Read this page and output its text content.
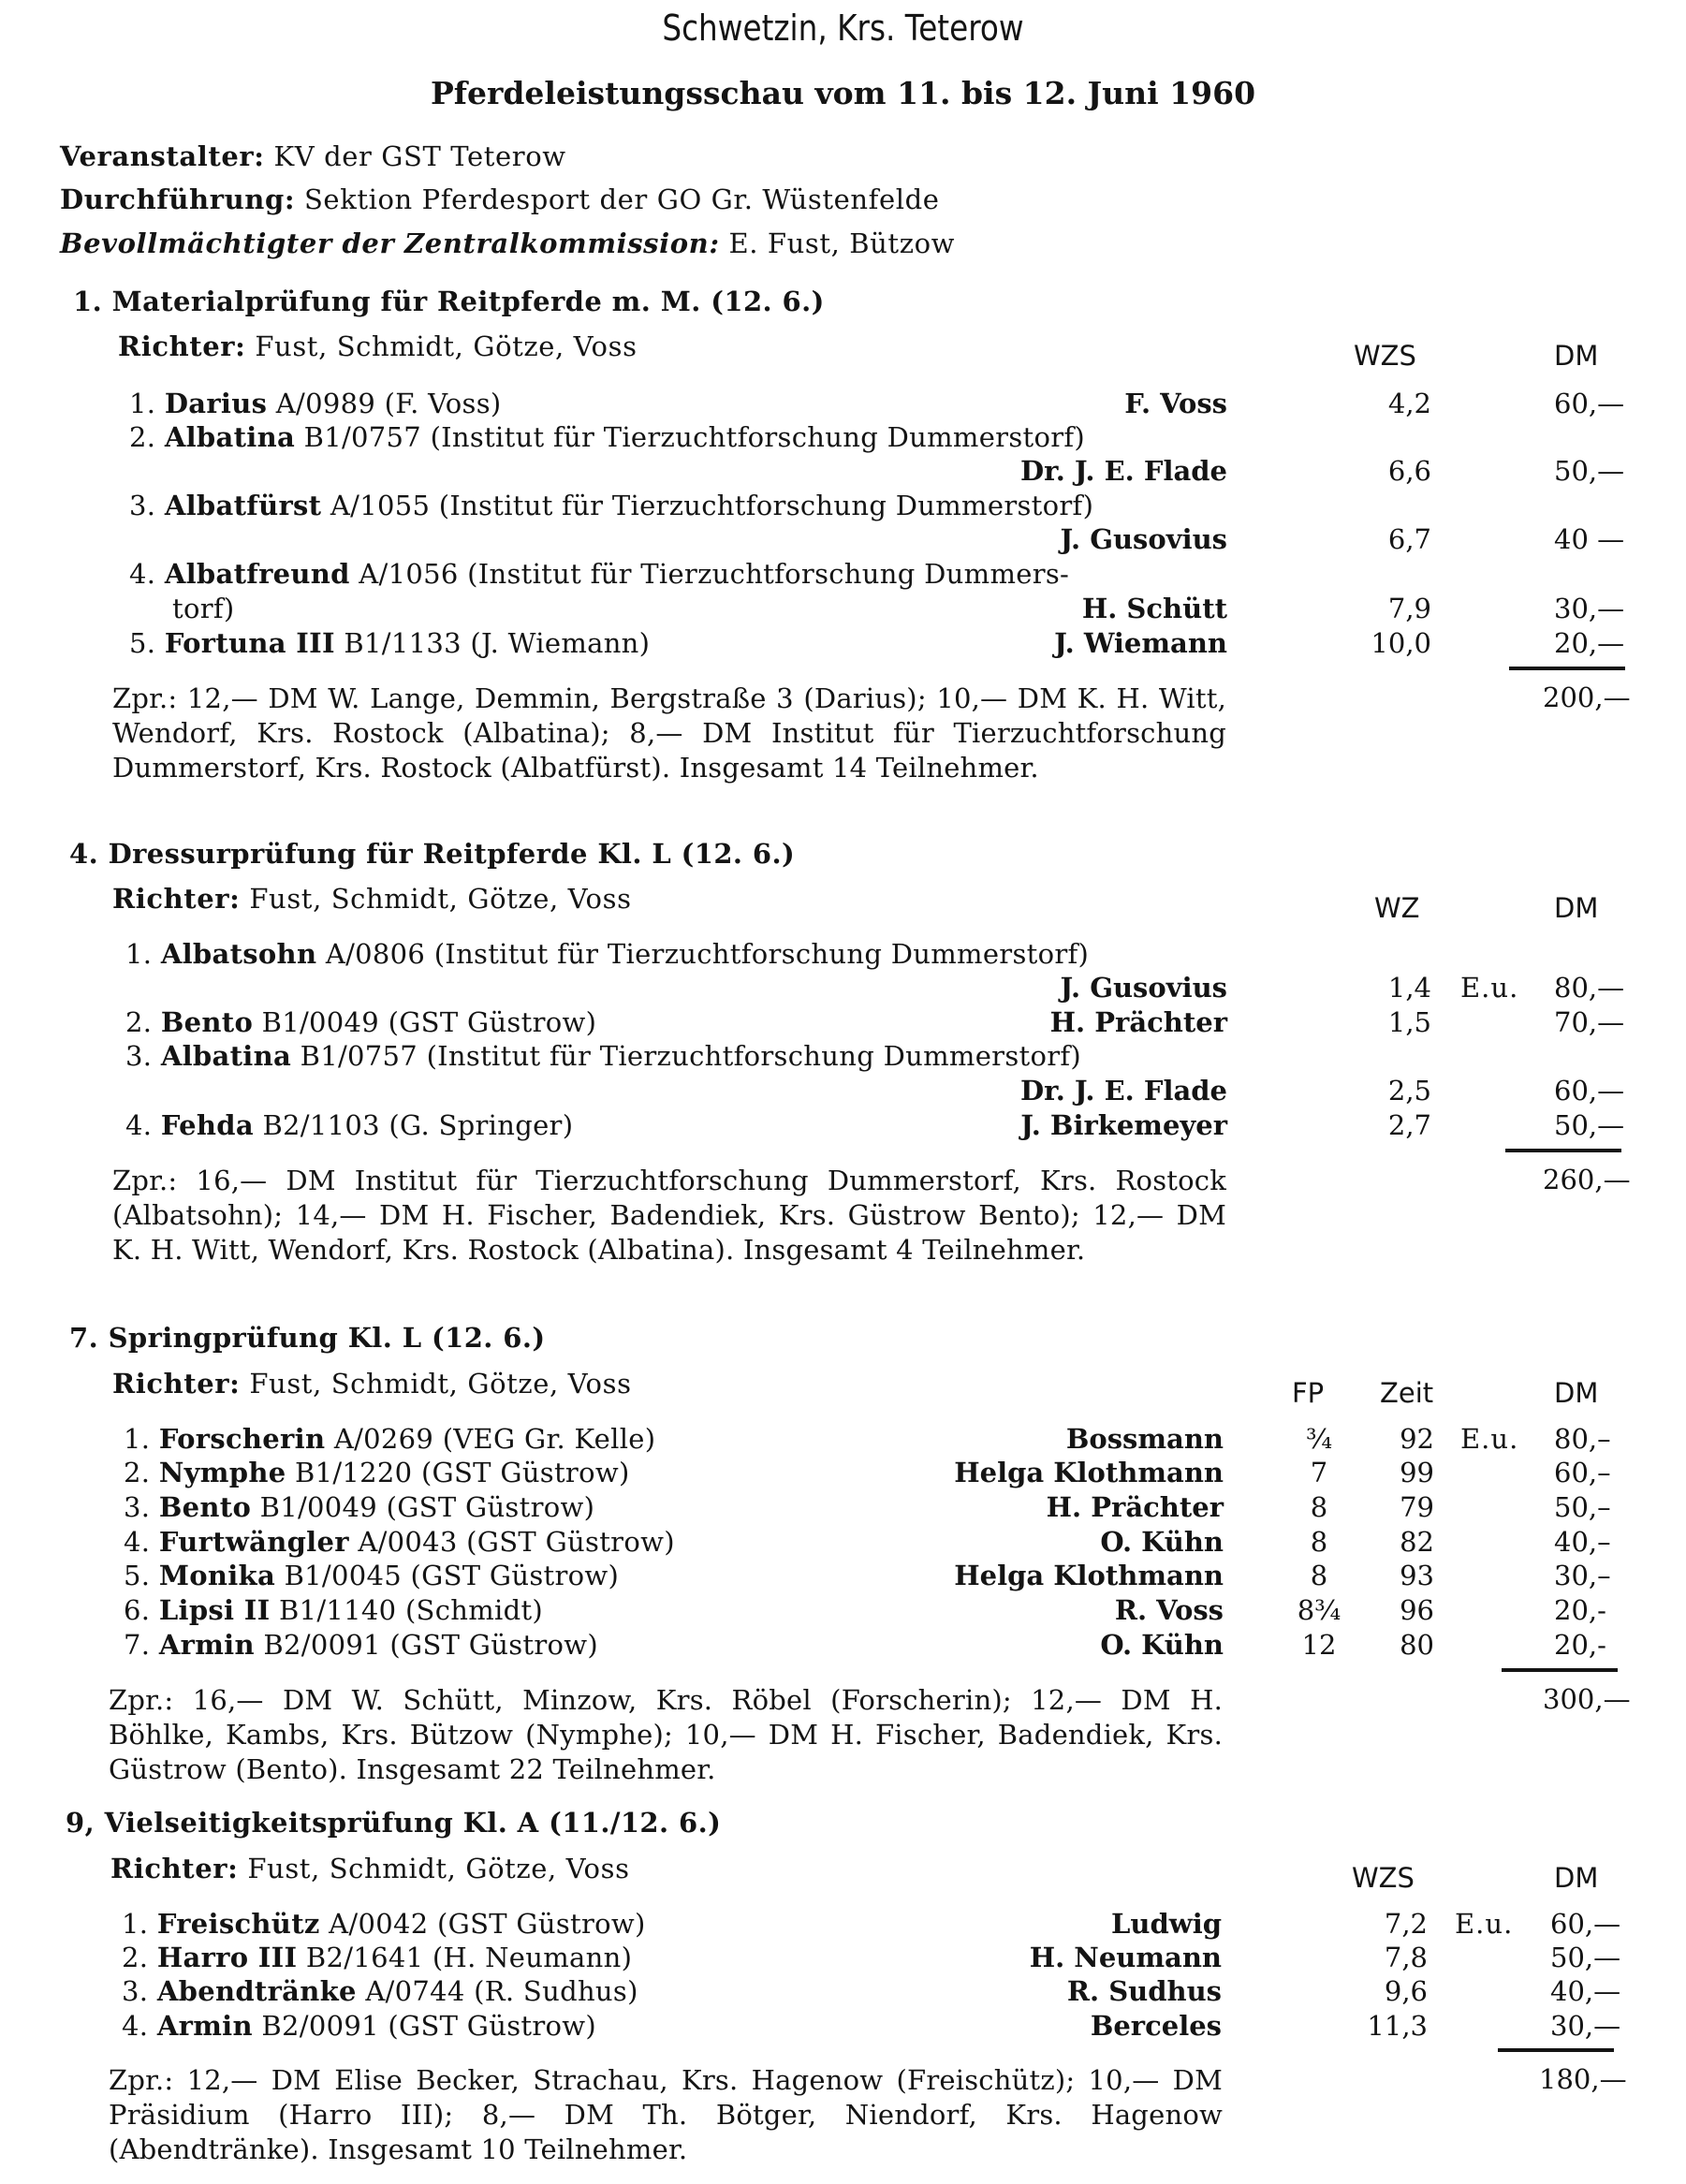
Schwetzin, Krs. Teterow
Pferdeleistungsschau vom 11. bis 12. Juni 1960
Veranstalter: KV der GST Teterow
Durchführung: Sektion Pferdesport der GO Gr. Wüstenfelde
Bevollmächtigter der Zentralkommission: E. Fust, Bützow
1. Materialprüfung für Reitpferde m. M. (12. 6.)
Richter: Fust, Schmidt, Götze, Voss	WZS	DM
1. Darius A/0989 (F. Voss)	F. Voss	4,2	60,—
2. Albatina B1/0757 (Institut für Tierzuchtforschung Dummerstorf)
Dr. J. E. Flade	6,6	50,—
3. Albatfürst A/1055 (Institut für Tierzuchtforschung Dummerstorf)
J. Gusovius	6,7	40 —
4. Albatfreund A/1056 (Institut für Tierzuchtforschung Dummers-
torf)	H. Schütt	7,9	30,—
5. Fortuna III B1/1133 (J. Wiemann)	J. Wiemann	10,0	20,—
Zpr.: 12,— DM W. Lange, Demmin, Bergstraße 3 (Darius); 10,— DM K. H. Witt, Wendorf, Krs. Rostock (Albatina); 8,— DM Institut für Tierzuchtforschung Dummerstorf, Krs. Rostock (Albatfürst). Insgesamt 14 Teilnehmer.
200,—
4. Dressurprüfung für Reitpferde Kl. L (12. 6.)
Richter: Fust, Schmidt, Götze, Voss	WZ	DM
1. Albatsohn A/0806 (Institut für Tierzuchtforschung Dummerstorf)
J. Gusovius	1,4 E.u. 80,—
2. Bento B1/0049 (GST Güstrow)	H. Prächter	1,5	70,—
3. Albatina B1/0757 (Institut für Tierzuchtforschung Dummerstorf)
Dr. J. E. Flade	2,5	60,—
4. Fehda B2/1103 (G. Springer)	J. Birkemeyer	2,7	50,—
Zpr.: 16,— DM Institut für Tierzuchtforschung Dummerstorf, Krs. Rostock (Albatsohn); 14,— DM H. Fischer, Badendiek, Krs. Güstrow Bento); 12,— DM K. H. Witt, Wendorf, Krs. Rostock (Albatina). Insgesamt 4 Teilnehmer.
260,—
7. Springprüfung Kl. L (12. 6.)
Richter: Fust, Schmidt, Götze, Voss	FP Zeit	DM
1. Forscherin A/0269 (VEG Gr. Kelle)	Bossmann	¾	92 E.u. 80,–
2. Nymphe B1/1220 (GST Güstrow)	Helga Klothmann	7	99	60,–
3. Bento B1/0049 (GST Güstrow)	H. Prächter	8	79	50,–
4. Furtwängler A/0043 (GST Güstrow)	O. Kühn	8	82	40,–
5. Monika B1/0045 (GST Güstrow)	Helga Klothmann	8	93	30,–
6. Lipsi II B1/1140 (Schmidt)	R. Voss	8¾	96	20,-
7. Armin B2/0091 (GST Güstrow)	O. Kühn	12	80	20,-
Zpr.: 16,— DM W. Schütt, Minzow, Krs. Röbel (Forscherin); 12,— DM H. Böhlke, Kambs, Krs. Bützow (Nymphe); 10,— DM H. Fischer, Badendiek, Krs. Güstrow (Bento). Insgesamt 22 Teilnehmer.
300,—
9, Vielseitigkeitsprüfung Kl. A (11./12. 6.)
Richter: Fust, Schmidt, Götze, Voss	WZS	DM
1. Freischütz A/0042 (GST Güstrow)	Ludwig	7,2 E.u. 60,—
2. Harro III B2/1641 (H. Neumann)	H. Neumann	7,8	50,—
3. Abendtränke A/0744 (R. Sudhus)	R. Sudhus	9,6	40,—
4. Armin B2/0091 (GST Güstrow)	Berceles	11,3	30,—
Zpr.: 12,— DM Elise Becker, Strachau, Krs. Hagenow (Freischütz); 10,— DM Präsidium (Harro III); 8,— DM Th. Bötger, Niendorf, Krs. Hagenow (Abendtränke). Insgesamt 10 Teilnehmer.
180,—
